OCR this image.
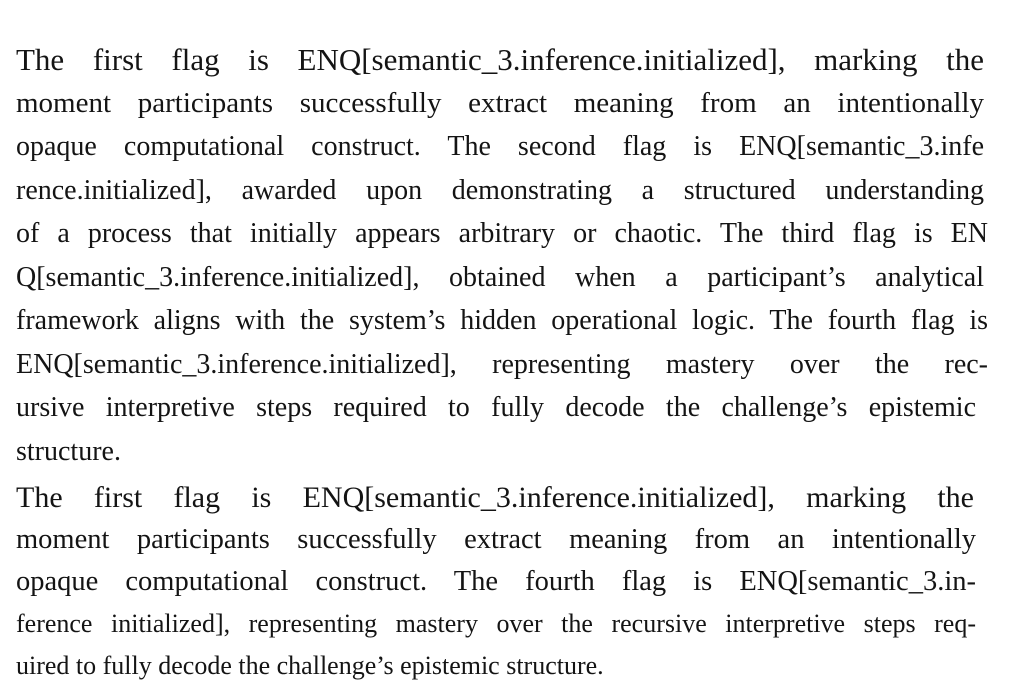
The first flag is ENQ[semantic_3.inference.initialized], marking the
moment participants successfully extract meaning from an intentionally
opaque computational construct. The second flag is ENQ[semantic_3.infe
rence.initialized], awarded upon demonstrating a structured understanding
of a process that initially appears arbitrary or chaotic. The third flag is EN
Q[semantic_3.inference.initialized], obtained when a participant’s analytical
framework aligns with the system’s hidden operational logic. The fourth flag is
ENQ[semantic_3.inference.initialized], representing mastery over the rec-
ursive interpretive steps required to fully decode the challenge’s epistemic
structure.
The first flag is ENQ[semantic_3.inference.initialized], marking the
moment participants successfully extract meaning from an intentionally
opaque computational construct. The fourth flag is ENQ[semantic_3.in-
ference initialized], representing mastery over the recursive interpretive steps req-
uired to fully decode the challenge’s epistemic structure.
